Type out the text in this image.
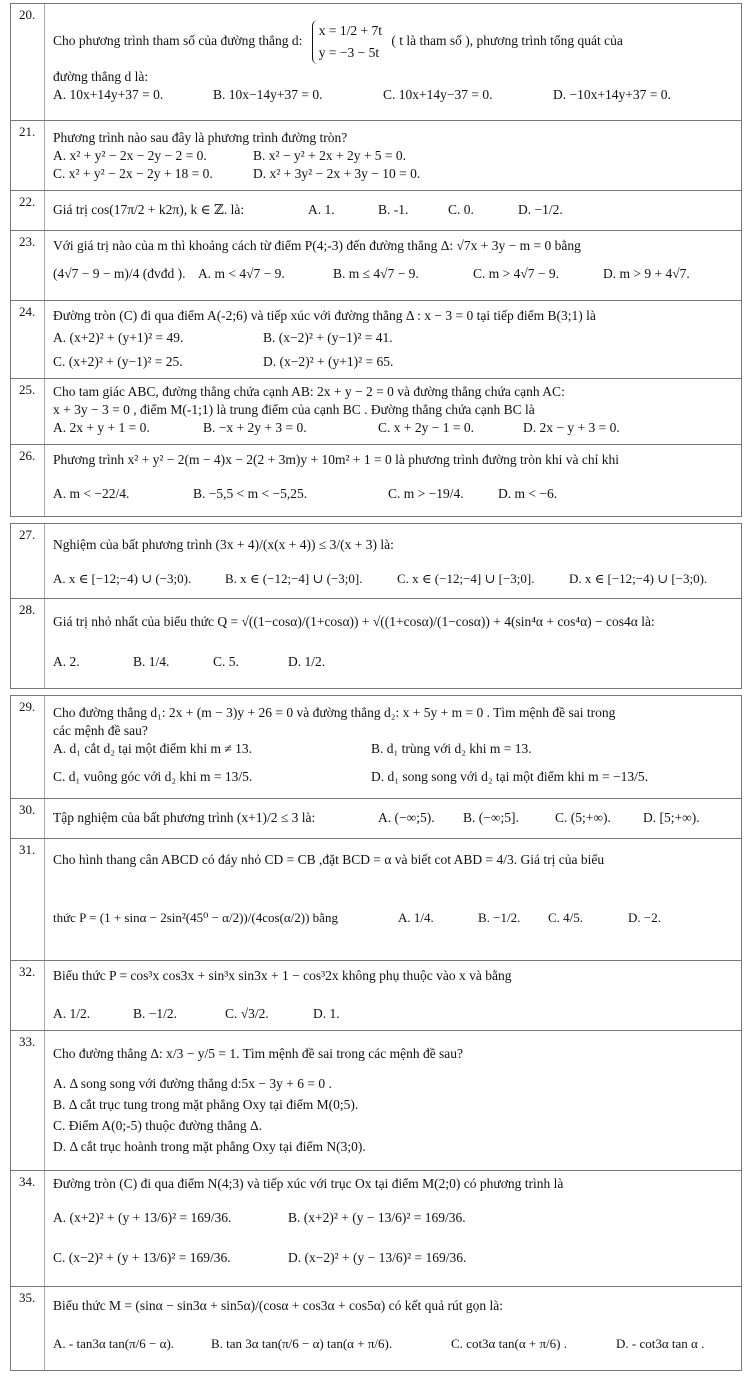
20.
Cho phương trình tham số của đường thẳng d:
x = 1/2 + 7t
y = −3 − 5t
( t là tham số ), phương trình tổng quát của
đường thẳng d là:
A. 10x+14y+37 = 0.	B. 10x−14y+37 = 0.	C. 10x+14y−37 = 0.	D. −10x+14y+37 = 0.
21.	Phương trình nào sau đây là phương trình đường tròn?
A. x² + y² − 2x − 2y − 2 = 0.	B. x² − y² + 2x + 2y + 5 = 0.
C. x² + y² − 2x − 2y + 18 = 0.	D. x² + 3y² − 2x + 3y − 10 = 0.
22.
Giá trị cos(17π/2 + k2π), k ∈ ℤ. là:	A. 1.	B. -1.	C. 0.	D. −1/2.
23.	Với giá trị nào của m thì khoảng cách từ điểm P(4;-3) đến đường thẳng Δ: √7x + 3y − m = 0 bằng
(4√7 − 9 − m)/4 (đvđd ). A. m < 4√7 − 9.	B. m ≤ 4√7 − 9.	C. m > 4√7 − 9.	D. m > 9 + 4√7.
24.	Đường tròn (C) đi qua điểm A(-2;6) và tiếp xúc với đường thẳng Δ : x − 3 = 0 tại tiếp điểm B(3;1) là
A. (x+2)² + (y+1)² = 49.	B. (x−2)² + (y−1)² = 41.
C. (x+2)² + (y−1)² = 25.	D. (x−2)² + (y+1)² = 65.
25.	Cho tam giác ABC, đường thẳng chứa cạnh AB: 2x + y − 2 = 0 và đường thẳng chứa cạnh AC:
x + 3y − 3 = 0 , điểm M(-1;1) là trung điểm của cạnh BC . Đường thẳng chứa cạnh BC là
A. 2x + y + 1 = 0.	B. −x + 2y + 3 = 0.	C. x + 2y − 1 = 0.	D. 2x − y + 3 = 0.
26.	Phương trình x² + y² − 2(m − 4)x − 2(2 + 3m)y + 10m² + 1 = 0 là phương trình đường tròn khi và chỉ khi
A. m < −22/4.	B. −5,5 < m < −5,25.	C. m > −19/4.	D. m < −6.
27.
Nghiệm của bất phương trình (3x + 4)/(x(x + 4)) ≤ 3/(x + 3) là:
A. x ∈ [−12;−4) ∪ (−3;0).	B. x ∈ (−12;−4] ∪ (−3;0].	C. x ∈ (−12;−4] ∪ [−3;0].	D. x ∈ [−12;−4) ∪ [−3;0).
28.
Giá trị nhỏ nhất của biểu thức Q = √((1−cosα)/(1+cosα)) + √((1+cosα)/(1−cosα)) + 4(sin⁴α + cos⁴α) − cos4α là:
A. 2.	B. 1/4.	C. 5.	D. 1/2.
29.	Cho đường thẳng d₁: 2x + (m − 3)y + 26 = 0 và đường thẳng d₂: x + 5y + m = 0 . Tìm mệnh đề sai trong
các mệnh đề sau?
A. d₁ cắt d₂ tại một điểm khi m ≠ 13.	B. d₁ trùng với d₂ khi m = 13.
C. d₁ vuông góc với d₂ khi m = 13/5.	D. d₁ song song với d₂ tại một điểm khi m = −13/5.
30.
Tập nghiệm của bất phương trình (x+1)/2 ≤ 3 là:	A. (−∞;5).	B. (−∞;5].	C. (5;+∞).	D. [5;+∞).
31.
Cho hình thang cân ABCD có đáy nhỏ CD = CB ,đặt BCD = α và biết cot ABD = 4/3. Giá trị của biểu
thức P = (1 + sinα − 2sin²(45⁰ − α/2))/(4cos(α/2)) bằng	A. 1/4.	B. −1/2.	C. 4/5.	D. −2.
32.	Biểu thức P = cos³x cos3x + sin³x sin3x + 1 − cos³2x không phụ thuộc vào x và bằng
A. 1/2.	B. −1/2.	C. √3/2.	D. 1.
33.
Cho đường thẳng Δ: x/3 − y/5 = 1. Tìm mệnh đề sai trong các mệnh đề sau?
A. Δ song song với đường thẳng d:5x − 3y + 6 = 0 .
B. Δ cắt trục tung trong mặt phẳng Oxy tại điểm M(0;5).
C. Điểm A(0;-5) thuộc đường thẳng Δ.
D. Δ cắt trục hoành trong mặt phẳng Oxy tại điểm N(3;0).
34.	Đường tròn (C) đi qua điểm N(4;3) và tiếp xúc với trục Ox tại điểm M(2;0) có phương trình là
A. (x+2)² + (y + 13/6)² = 169/36.	B. (x+2)² + (y − 13/6)² = 169/36.
C. (x−2)² + (y + 13/6)² = 169/36.	D. (x−2)² + (y − 13/6)² = 169/36.
35.
Biểu thức M = (sinα − sin3α + sin5α)/(cosα + cos3α + cos5α) có kết quả rút gọn là:
A. - tan3α tan(π/6 − α).	B. tan 3α tan(π/6 − α) tan(α + π/6).	C. cot3α tan(α + π/6) .	D. - cot3α tan α .
